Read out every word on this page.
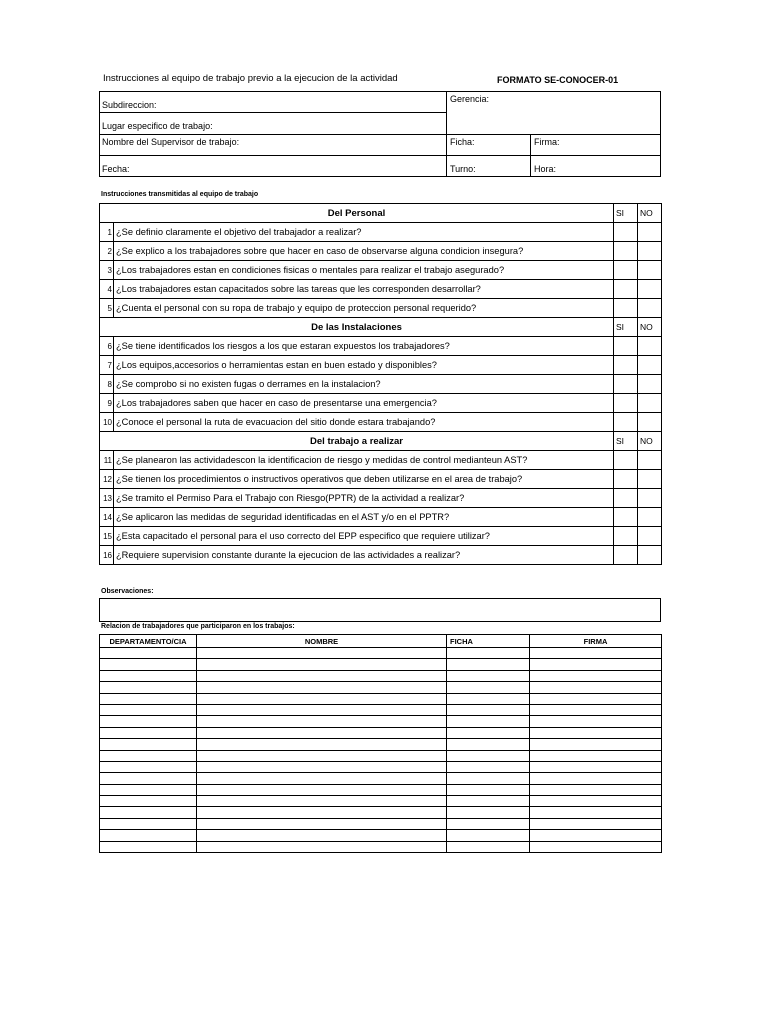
Instrucciones al equipo de trabajo previo a la ejecucion de la actividad	FORMATO SE-CONOCER-01
Subdireccion:
Gerencia:
Lugar especifico de trabajo:
Nombre del Supervisor de trabajo:	Ficha:	Firma:
Fecha:	Turno:	Hora:
Instrucciones transmitidas al equipo de trabajo
Del Personal		SI	NO
1	¿Se definio claramente el objetivo del trabajador a realizar?		
2	¿Se explico a los trabajadores sobre que hacer en caso de observarse alguna condicion insegura?		
3	¿Los trabajadores estan en condiciones fisicas o mentales para realizar el trabajo asegurado?		
4	¿Los trabajadores estan capacitados sobre las tareas que les corresponden desarrollar?		
5	¿Cuenta el personal con su ropa de trabajo y equipo de proteccion personal requerido?		
De las Instalaciones		SI	NO
6	¿Se tiene identificados los riesgos a los que estaran expuestos los trabajadores?		
7	¿Los equipos,accesorios o herramientas estan en buen estado y disponibles?		
8	¿Se comprobo si no existen fugas o derrames en la instalacion?		
9	¿Los trabajadores saben que hacer en caso de presentarse una emergencia?		
10	¿Conoce el personal la ruta de evacuacion del sitio donde estara trabajando?		
Del trabajo a realizar		SI	NO
11	¿Se planearon las actividadescon la identificacion de riesgo y medidas de control medianteun AST?		
12	¿Se tienen los procedimientos o instructivos operativos que deben utilizarse en el area de trabajo?		
13	¿Se tramito el Permiso Para el Trabajo con Riesgo(PPTR) de la actividad a realizar?		
14	¿Se aplicaron las medidas de seguridad identificadas en el AST y/o en el PPTR?		
15	¿Esta capacitado el personal para el uso correcto del EPP especifico que requiere utilizar?		
16	¿Requiere supervision constante durante la ejecucion de las actividades a realizar?		
Observaciones:
Relacion de trabajadores que participaron en los trabajos:
DEPARTAMENTO/CIA	NOMBRE	FICHA	FIRMA
